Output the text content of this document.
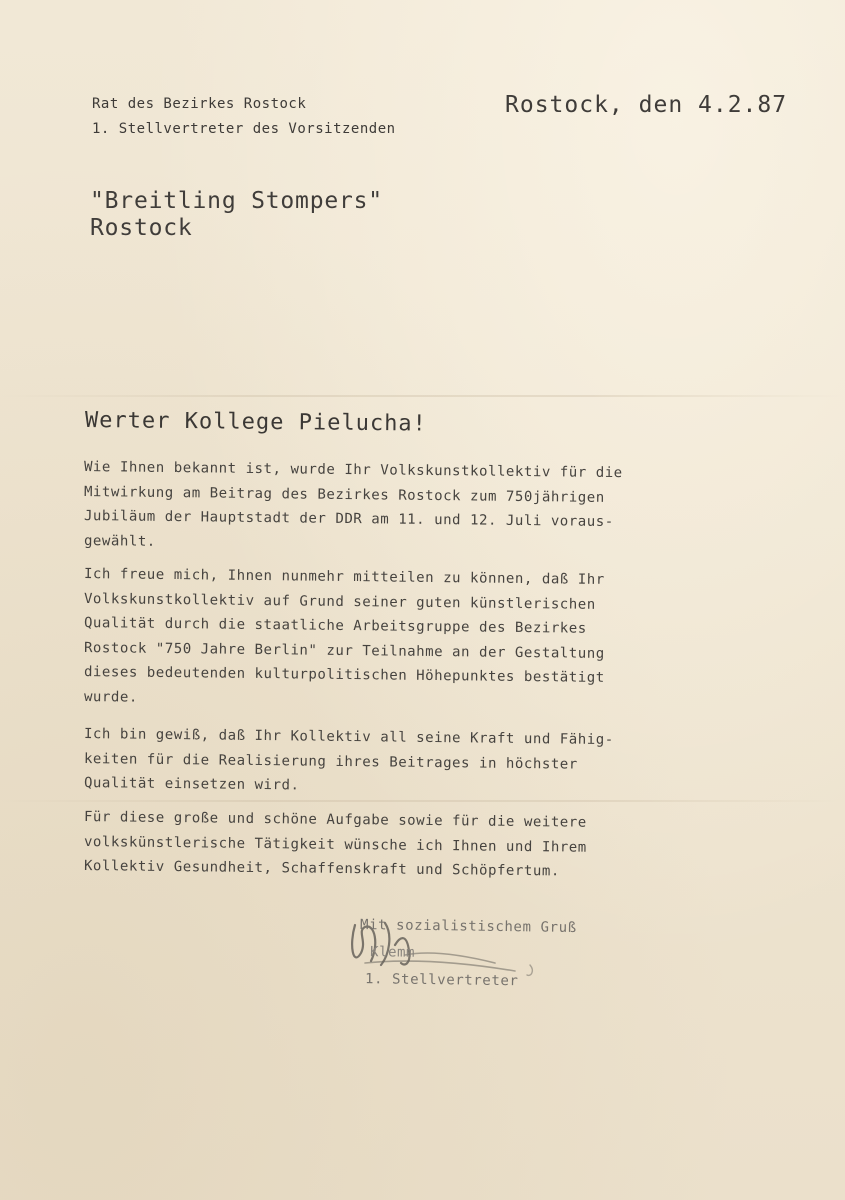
Rat des Bezirkes Rostock
1. Stellvertreter des Vorsitzenden
Rostock, den 4.2.87
"Breitling Stompers"
Rostock
Werter Kollege Pielucha!
Wie Ihnen bekannt ist, wurde Ihr Volkskunstkollektiv für die
Mitwirkung am Beitrag des Bezirkes Rostock zum 750jährigen
Jubiläum der Hauptstadt der DDR am 11. und 12. Juli voraus-
gewählt.
Ich freue mich, Ihnen nunmehr mitteilen zu können, daß Ihr
Volkskunstkollektiv auf Grund seiner guten künstlerischen
Qualität durch die staatliche Arbeitsgruppe des Bezirkes
Rostock "750 Jahre Berlin" zur Teilnahme an der Gestaltung
dieses bedeutenden kulturpolitischen Höhepunktes bestätigt
wurde.
Ich bin gewiß, daß Ihr Kollektiv all seine Kraft und Fähig-
keiten für die Realisierung ihres Beitrages in höchster
Qualität einsetzen wird.
Für diese große und schöne Aufgabe sowie für die weitere
volkskünstlerische Tätigkeit wünsche ich Ihnen und Ihrem
Kollektiv Gesundheit, Schaffenskraft und Schöpfertum.
Mit sozialistischem Gruß
Klemm
1. Stellvertreter
